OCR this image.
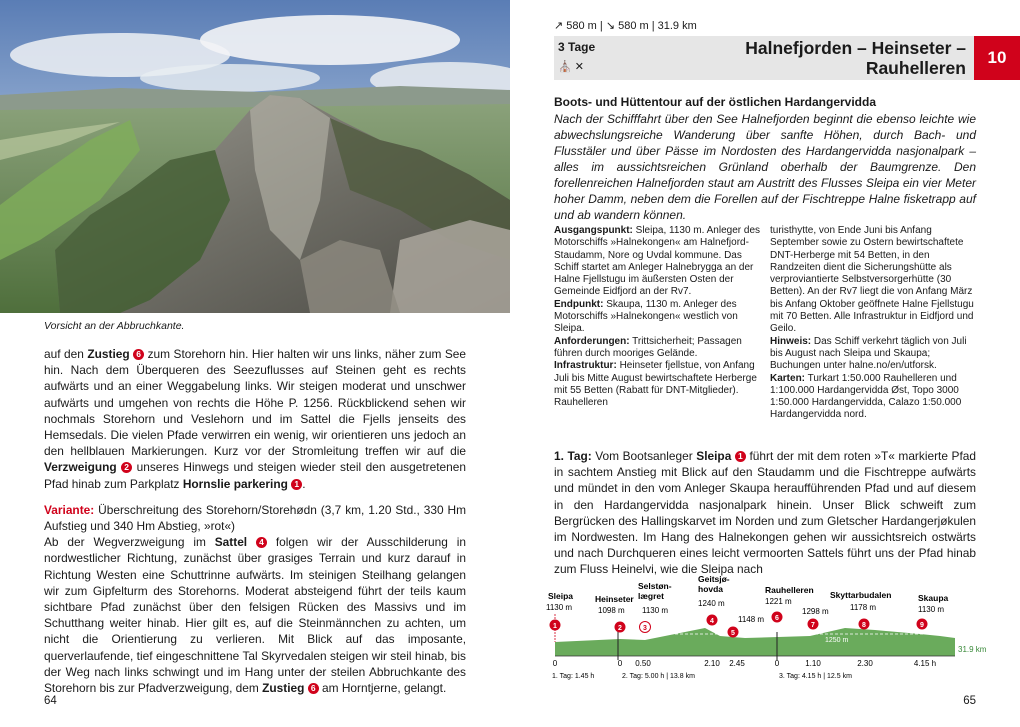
Vorsicht an der Abbruchkante.

auf den Zustieg 6 zum Storehorn hin. Hier halten wir uns links, näher zum See hin. Nach dem Überqueren des Seezuflusses auf Steinen geht es rechts aufwärts und an einer Weggabelung links. Wir steigen moderat und unschwer aufwärts und umgehen von rechts die Höhe P. 1256. Rückblickend sehen wir nochmals Storehorn und Veslehorn und im Sattel die Fjells jenseits des Hemsedals. Die vielen Pfade verwirren ein wenig, wir orientieren uns jedoch an den hellblauen Markierungen. Kurz vor der Stromleitung treffen wir auf die Verzweigung 2 unseres Hinwegs und steigen wieder steil den ausgetretenen Pfad hinab zum Parkplatz Hornslie parkering 1 .

Variante: Überschreitung des Storehorn/Storehødn (3,7 km, 1.20 Std., 330 Hm Aufstieg und 340 Hm Abstieg, »rot«)
Ab der Wegverzweigung im Sattel 4 folgen wir der Ausschilderung in nordwestlicher Richtung, zunächst über grasiges Terrain und kurz darauf in Richtung Westen eine Schuttrinne aufwärts. Im steinigen Steilhang gelangen wir zum Gipfelturm des Storehorns. Moderat absteigend führt der teils kaum sichtbare Pfad zunächst über den felsigen Rücken des Massivs und im Schutthang weiter hinab. Hier gilt es, auf die Steinmännchen zu achten, um nicht die Orientierung zu verlieren. Mit Blick auf das imposante, querverlaufende, tief eingeschnittene Tal Skyrvedalen steigen wir steil hinab, bis der Weg nach links schwingt und im Hang unter der steilen Abbruchkante des Storehorn bis zur Pfadverzweigung, dem Zustieg 6 am Horntjerne, gelangt.

64
↗ 580 m | ↘ 580 m | 31.9 km
3 Tage
⛪ ✕
Halnefjorden – Heinseter –
Rauhelleren
10
Boots- und Hüttentour auf der östlichen Hardangervidda
Nach der Schifffahrt über den See Halnefjorden beginnt die ebenso leichte wie abwechslungsreiche Wanderung über sanfte Höhen, durch Bach- und Flusstäler und über Pässe im Nordosten des Hardangervidda nasjonalpark – alles im aussichtsreichen Grünland oberhalb der Baumgrenze. Den forellenreichen Halnefjorden staut am Austritt des Flusses Sleipa ein vier Meter hoher Damm, neben dem die Forellen auf der Fischtreppe Halne fisketrapp auf und ab wandern können.

Ausgangspunkt: Sleipa, 1130 m. Anleger des Motorschiffs »Halnekongen« am Halnefjord-Staudamm, Nore og Uvdal kommune. Das Schiff startet am Anleger Halnebrygga an der Halne Fjellstugu im äußersten Osten der Gemeinde Eidfjord an der Rv7.

Endpunkt: Skaupa, 1130 m. Anleger des Motorschiffs »Halnekongen« westlich von Sleipa.

Anforderungen: Trittsicherheit; Passagen führen durch mooriges Gelände.

Infrastruktur: Heinseter fjellstue, von Anfang Juli bis Mitte August bewirtschaftete Herberge mit 55 Betten (Rabatt für DNT-Mitglieder). Rauhelleren

turisthytte, von Ende Juni bis Anfang September sowie zu Ostern bewirtschaftete DNT-Herberge mit 54 Betten, in den Randzeiten dient die Sicherungshütte als verproviantierte Selbstversorgerhütte (30 Betten). An der Rv7 liegt die von Anfang März bis Anfang Oktober geöffnete Halne Fjellstugu mit 70 Betten. Alle Infrastruktur in Eidfjord und Geilo.

Hinweis: Das Schiff verkehrt täglich von Juli bis August nach Sleipa und Skaupa; Buchungen unter halne.no/en/utforsk.

Karten: Turkart 1:50.000 Rauhelleren und 1:100.000 Hardangervidda Øst, Topo 3000 1:50.000 Hardangervidda, Calazo 1:50.000 Hardangervidda nord.

1. Tag: Vom Bootsanleger Sleipa 1 führt der mit dem roten »T« markierte Pfad in sachtem Anstieg mit Blick auf den Staudamm und die Fischtreppe aufwärts und mündet in den vom Anleger Skaupa heraufführenden Pfad und auf diesem in den Hardangervidda nasjonalpark hinein. Unser Blick schweift zum Bergrücken des Hallingskarvet im Norden und zum Gletscher Hardangerjøkulen im Nordwesten. Im Hang des Halnekongen gehen wir aussichtsreich ostwärts und nach Durchqueren eines leicht vermoorten Sattels führt uns der Pfad hinab zum Fluss Heinelvi, wie die Sleipa nach

1250 m
31.9 km
Sleipa
1130 m
1
Heinseter
1098 m
2
Selstøn- lægret
1130 m
3
Geitsjø- hovda
1240 m
4	1148 m
5
Rauhelleren
1221 m
6
1298 m
7
Skyttarbudalen
1178 m
8
Skaupa
1130 m
9
0	0 0.50	2.10 2.45	0	1.10	2.30	4.15 h
1. Tag: 1.45 h	2. Tag: 5.00 h | 13.8 km	3. Tag: 4.15 h | 12.5 km
65
